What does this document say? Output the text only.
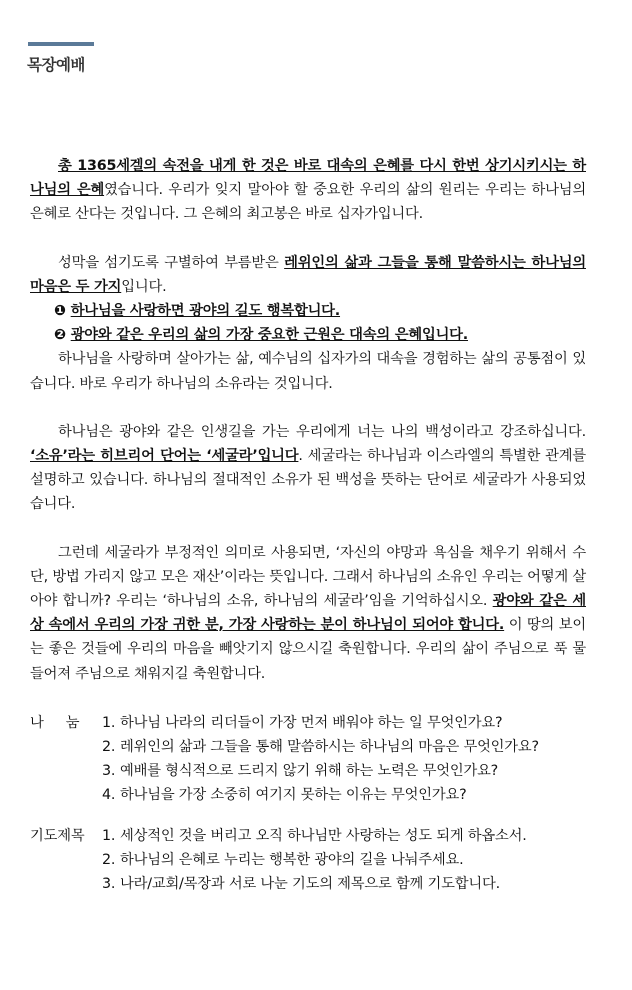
목장예배

총 1365세겔의 속전을 내게 한 것은 바로 대속의 은혜를 다시 한번 상기시키시는 하나님의 은혜였습니다. 우리가 잊지 말아야 할 중요한 우리의 삶의 원리는 우리는 하나님의 은혜로 산다는 것입니다. 그 은혜의 최고봉은 바로 십자가입니다.

성막을 섬기도록 구별하여 부름받은 레위인의 삶과 그들을 통해 말씀하시는 하나님의 마음은 두 가지입니다.

❶ 하나님을 사랑하면 광야의 길도 행복합니다.
❷ 광야와 같은 우리의 삶의 가장 중요한 근원은 대속의 은혜입니다.

하나님을 사랑하며 살아가는 삶, 예수님의 십자가의 대속을 경험하는 삶의 공통점이 있습니다. 바로 우리가 하나님의 소유라는 것입니다.

하나님은 광야와 같은 인생길을 가는 우리에게 너는 나의 백성이라고 강조하십니다. ‘소유’라는 히브리어 단어는 ‘세굴라’입니다. 세굴라는 하나님과 이스라엘의 특별한 관계를 설명하고 있습니다. 하나님의 절대적인 소유가 된 백성을 뜻하는 단어로 세굴라가 사용되었습니다.

그런데 세굴라가 부정적인 의미로 사용되면, ‘자신의 야망과 욕심을 채우기 위해서 수단, 방법 가리지 않고 모은 재산’이라는 뜻입니다. 그래서 하나님의 소유인 우리는 어떻게 살아야 합니까? 우리는 ‘하나님의 소유, 하나님의 세굴라’임을 기억하십시오. 광야와 같은 세상 속에서 우리의 가장 귀한 분, 가장 사랑하는 분이 하나님이 되어야 합니다. 이 땅의 보이는 좋은 것들에 우리의 마음을 빼앗기지 않으시길 축원합니다. 우리의 삶이 주님으로 푹 물들어져 주님으로 채워지길 축원합니다.

나눔 1. 하나님 나라의 리더들이 가장 먼저 배워야 하는 일 무엇인가요?
2. 레위인의 삶과 그들을 통해 말씀하시는 하나님의 마음은 무엇인가요?
3. 예배를 형식적으로 드리지 않기 위해 하는 노력은 무엇인가요?
4. 하나님을 가장 소중히 여기지 못하는 이유는 무엇인가요?
기도제목	1. 세상적인 것을 버리고 오직 하나님만 사랑하는 성도 되게 하옵소서.
2. 하나님의 은혜로 누리는 행복한 광야의 길을 나눠주세요.
3. 나라/교회/목장과 서로 나눈 기도의 제목으로 함께 기도합니다.
